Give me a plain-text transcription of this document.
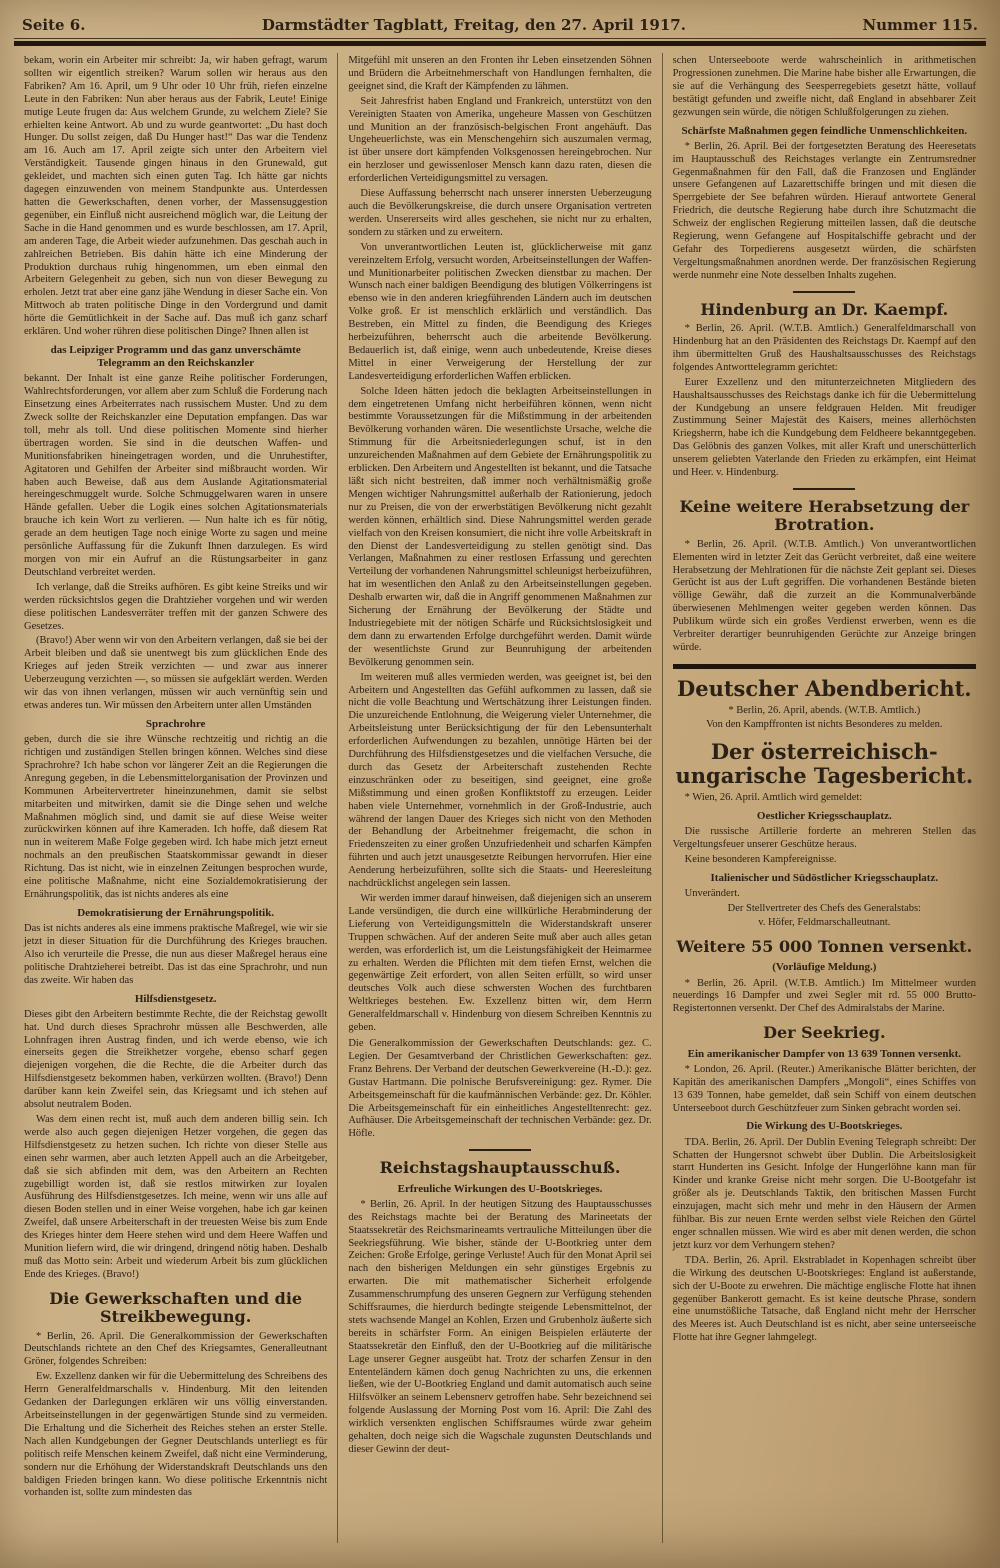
Seite 6.	Darmstädter Tagblatt, Freitag, den 27. April 1917.	Nummer 115.
bekam, worin ein Arbeiter mir schreibt: Ja, wir haben gefragt, warum sollten wir eigentlich streiken? Warum sollen wir heraus aus den Fabriken? Am 16. April, um 9 Uhr oder 10 Uhr früh, riefen einzelne Leute in den Fabriken: Nun aber heraus aus der Fabrik, Leute! Einige mutige Leute frugen da: Aus welchem Grunde, zu welchem Ziele? Sie erhielten keine Antwort. Ab und zu wurde geantwortet: „Du hast doch Hunger. Du sollst zeigen, daß Du Hunger hast!“ Das war die Tendenz am 16. Auch am 17. April zeigte sich unter den Arbeitern viel Verständigkeit. Tausende gingen hinaus in den Grunewald, gut gekleidet, und machten sich einen guten Tag. Ich hätte gar nichts dagegen einzuwenden von meinem Standpunkte aus. Unterdessen hatten die Gewerkschaften, denen vorher, der Massensuggestion gegenüber, ein Einfluß nicht ausreichend möglich war, die Leitung der Sache in die Hand genommen und es wurde beschlossen, am 17. April, am anderen Tage, die Arbeit wieder aufzunehmen. Das geschah auch in zahlreichen Betrieben. Bis dahin hätte ich eine Minderung der Produktion durchaus ruhig hingenommen, um eben einmal den Arbeitern Gelegenheit zu geben, sich nun von dieser Bewegung zu erholen. Jetzt trat aber eine ganz jähe Wendung in dieser Sache ein. Von Mittwoch ab traten politische Dinge in den Vordergrund und damit hörte die Gemütlichkeit in der Sache auf. Das muß ich ganz scharf erklären. Und woher rühren diese politischen Dinge? Ihnen allen ist
das Leipziger Programm und das ganz unverschämte Telegramm an den Reichskanzler
bekannt. Der Inhalt ist eine ganze Reihe politischer Forderungen, Wahlrechtsforderungen, vor allem aber zum Schluß die Forderung nach Einsetzung eines Arbeiterrates nach russischem Muster. Und zu dem Zweck sollte der Reichskanzler eine Deputation empfangen. Das war toll, mehr als toll. Und diese politischen Momente sind hierher übertragen worden. Sie sind in die deutschen Waffen- und Munitionsfabriken hineingetragen worden, und die Unruhestifter, Agitatoren und Gehilfen der Arbeiter sind mißbraucht worden. Wir haben auch Beweise, daß aus dem Auslande Agitationsmaterial hereingeschmuggelt wurde. Solche Schmuggelwaren waren in unsere Hände gefallen. Ueber die Logik eines solchen Agitationsmaterials brauche ich kein Wort zu verlieren. — Nun halte ich es für nötig, gerade an dem heutigen Tage noch einige Worte zu sagen und meine persönliche Auffassung für die Zukunft Ihnen darzulegen. Es wird morgen von mir ein Aufruf an die Rüstungsarbeiter in ganz Deutschland verbreitet werden.
Ich verlange, daß die Streiks aufhören. Es gibt keine Streiks und wir werden rücksichtslos gegen die Drahtzieher vorgehen und wir werden diese politischen Landesverräter treffen mit der ganzen Schwere des Gesetzes.
(Bravo!) Aber wenn wir von den Arbeitern verlangen, daß sie bei der Arbeit bleiben und daß sie unentwegt bis zum glücklichen Ende des Krieges auf jeden Streik verzichten — und zwar aus innerer Ueberzeugung verzichten —, so müssen sie aufgeklärt werden. Werden wir das von ihnen verlangen, müssen wir auch vernünftig sein und etwas anderes tun. Wir müssen den Arbeitern unter allen Umständen
Sprachrohre
geben, durch die sie ihre Wünsche rechtzeitig und richtig an die richtigen und zuständigen Stellen bringen können. Welches sind diese Sprachrohre? Ich habe schon vor längerer Zeit an die Regierungen die Anregung gegeben, in die Lebensmittelorganisation der Provinzen und Kommunen Arbeitervertreter hineinzunehmen, damit sie selbst mitarbeiten und mitwirken, damit sie die Dinge sehen und welche Maßnahmen möglich sind, und damit sie auf diese Weise weiter zurückwirken können auf ihre Kameraden. Ich hoffe, daß diesem Rat nun in weiterem Maße Folge gegeben wird. Ich habe mich jetzt erneut nochmals an den preußischen Staatskommissar gewandt in dieser Richtung. Das ist nicht, wie in einzelnen Zeitungen besprochen wurde, eine politische Maßnahme, nicht eine Sozialdemokratisierung der Ernährungspolitik, das ist nichts anderes als eine
Demokratisierung der Ernährungspolitik.
Das ist nichts anderes als eine immens praktische Maßregel, wie wir sie jetzt in dieser Situation für die Durchführung des Krieges brauchen. Also ich verurteile die Presse, die nun aus dieser Maßregel heraus eine politische Drahtzieherei betreibt. Das ist das eine Sprachrohr, und nun das zweite. Wir haben das
Hilfsdienstgesetz.
Dieses gibt den Arbeitern bestimmte Rechte, die der Reichstag gewollt hat. Und durch dieses Sprachrohr müssen alle Beschwerden, alle Lohnfragen ihren Austrag finden, und ich werde ebenso, wie ich einerseits gegen die Streikhetzer vorgehe, ebenso scharf gegen diejenigen vorgehen, die die Rechte, die die Arbeiter durch das Hilfsdienstgesetz bekommen haben, verkürzen wollten. (Bravo!) Denn darüber kann kein Zweifel sein, das Kriegsamt und ich stehen auf absolut neutralem Boden.
Was dem einen recht ist, muß auch dem anderen billig sein. Ich werde also auch gegen diejenigen Hetzer vorgehen, die gegen das Hilfsdienstgesetz zu hetzen suchen. Ich richte von dieser Stelle aus einen sehr warmen, aber auch letzten Appell auch an die Arbeitgeber, daß sie sich abfinden mit dem, was den Arbeitern an Rechten zugebilligt worden ist, daß sie restlos mitwirken zur loyalen Ausführung des Hilfsdienstgesetzes. Ich meine, wenn wir uns alle auf diesen Boden stellen und in einer Weise vorgehen, habe ich gar keinen Zweifel, daß unsere Arbeiterschaft in der treuesten Weise bis zum Ende des Krieges hinter dem Heere stehen wird und dem Heere Waffen und Munition liefern wird, die wir dringend, dringend nötig haben. Deshalb muß das Motto sein: Arbeit und wiederum Arbeit bis zum glücklichen Ende des Krieges. (Bravo!)
Die Gewerkschaften und die Streikbewegung.
* Berlin, 26. April. Die Generalkommission der Gewerkschaften Deutschlands richtete an den Chef des Kriegsamtes, Generalleutnant Gröner, folgendes Schreiben:
Ew. Exzellenz danken wir für die Uebermittelung des Schreibens des Herrn Generalfeldmarschalls v. Hindenburg. Mit den leitenden Gedanken der Darlegungen erklären wir uns völlig einverstanden. Arbeitseinstellungen in der gegenwärtigen Stunde sind zu vermeiden. Die Erhaltung und die Sicherheit des Reiches stehen an erster Stelle. Nach allen Kundgebungen der Gegner Deutschlands unterliegt es für politisch reife Menschen keinem Zweifel, daß nicht eine Verminderung, sondern nur die Erhöhung der Widerstandskraft Deutschlands uns den baldigen Frieden bringen kann. Wo diese politische Erkenntnis nicht vorhanden ist, sollte zum mindesten das
Mitgefühl mit unseren an den Fronten ihr Leben einsetzenden Söhnen und Brüdern die Arbeitnehmerschaft von Handlungen fernhalten, die geeignet sind, die Kraft der Kämpfenden zu lähmen.
Seit Jahresfrist haben England und Frankreich, unterstützt von den Vereinigten Staaten von Amerika, ungeheure Massen von Geschützen und Munition an der französisch-belgischen Front angehäuft. Das Ungeheuerlichste, was ein Menschengehirn sich auszumalen vermag, ist über unsere dort kämpfenden Volksgenossen hereingebrochen. Nur ein herzloser und gewissenloser Mensch kann dazu raten, diesen die erforderlichen Verteidigungsmittel zu versagen.
Diese Auffassung beherrscht nach unserer innersten Ueberzeugung auch die Bevölkerungskreise, die durch unsere Organisation vertreten werden. Unsererseits wird alles geschehen, sie nicht nur zu erhalten, sondern zu stärken und zu erweitern.
Von unverantwortlichen Leuten ist, glücklicherweise mit ganz vereinzeltem Erfolg, versucht worden, Arbeitseinstellungen der Waffen- und Munitionarbeiter politischen Zwecken dienstbar zu machen. Der Wunsch nach einer baldigen Beendigung des blutigen Völkerringens ist ebenso wie in den anderen kriegführenden Ländern auch im deutschen Volke groß. Er ist menschlich erklärlich und verständlich. Das Bestreben, ein Mittel zu finden, die Beendigung des Krieges herbeizuführen, beherrscht auch die arbeitende Bevölkerung. Bedauerlich ist, daß einige, wenn auch unbedeutende, Kreise dieses Mittel in einer Verweigerung der Herstellung der zur Landesverteidigung erforderlichen Waffen erblicken.
Solche Ideen hätten jedoch die beklagten Arbeitseinstellungen in dem eingetretenen Umfang nicht herbeiführen können, wenn nicht bestimmte Voraussetzungen für die Mißstimmung in der arbeitenden Bevölkerung vorhanden wären. Die wesentlichste Ursache, welche die Stimmung für die Arbeitsniederlegungen schuf, ist in den unzureichenden Maßnahmen auf dem Gebiete der Ernährungspolitik zu erblicken. Den Arbeitern und Angestellten ist bekannt, und die Tatsache läßt sich nicht bestreiten, daß immer noch verhältnismäßig große Mengen wichtiger Nahrungsmittel außerhalb der Rationierung, jedoch nur zu Preisen, die von der erwerbstätigen Bevölkerung nicht gezahlt werden können, erhältlich sind. Diese Nahrungsmittel werden gerade vielfach von den Kreisen konsumiert, die nicht ihre volle Arbeitskraft in den Dienst der Landesverteidigung zu stellen genötigt sind. Das Verlangen, Maßnahmen zu einer restlosen Erfassung und gerechten Verteilung der vorhandenen Nahrungsmittel schleunigst herbeizuführen, hat im wesentlichen den Anlaß zu den Arbeitseinstellungen gegeben. Deshalb erwarten wir, daß die in Angriff genommenen Maßnahmen zur Sicherung der Ernährung der Bevölkerung der Städte und Industriegebiete mit der nötigen Schärfe und Rücksichtslosigkeit und dem dann zu erwartenden Erfolge durchgeführt werden. Damit würde der wesentlichste Grund zur Beunruhigung der arbeitenden Bevölkerung genommen sein.
Im weiteren muß alles vermieden werden, was geeignet ist, bei den Arbeitern und Angestellten das Gefühl aufkommen zu lassen, daß sie nicht die volle Beachtung und Wertschätzung ihrer Leistungen finden. Die unzureichende Entlohnung, die Weigerung vieler Unternehmer, die Arbeitsleistung unter Berücksichtigung der für den Lebensunterhalt erforderlichen Aufwendungen zu bezahlen, unnötige Härten bei der Durchführung des Hilfsdienstgesetzes und die vielfachen Versuche, die durch das Gesetz der Arbeiterschaft zustehenden Rechte einzuschränken oder zu beseitigen, sind geeignet, eine große Mißstimmung und einen großen Konfliktstoff zu erzeugen. Leider haben viele Unternehmer, vornehmlich in der Groß-Industrie, auch während der langen Dauer des Krieges sich nicht von den Methoden der Behandlung der Arbeitnehmer freigemacht, die schon in Friedenszeiten zu einer großen Unzufriedenheit und scharfen Kämpfen führten und auch jetzt unausgesetzte Reibungen hervorrufen. Hier eine Aenderung herbeizuführen, sollte sich die Staats- und Heeresleitung nachdrücklichst angelegen sein lassen.
Wir werden immer darauf hinweisen, daß diejenigen sich an unserem Lande versündigen, die durch eine willkürliche Herabminderung der Lieferung von Verteidigungsmitteln die Widerstandskraft unserer Truppen schwächen. Auf der anderen Seite muß aber auch alles getan werden, was erforderlich ist, um die Leistungsfähigkeit der Heimarmee zu erhalten. Werden die Pflichten mit dem tiefen Ernst, welchen die gegenwärtige Zeit erfordert, von allen Seiten erfüllt, so wird unser deutsches Volk auch diese schwersten Wochen des furchtbaren Weltkrieges bestehen. Ew. Exzellenz bitten wir, dem Herrn Generalfeldmarschall v. Hindenburg von diesem Schreiben Kenntnis zu geben.
Die Generalkommission der Gewerkschaften Deutschlands: gez. C. Legien. Der Gesamtverband der Christlichen Gewerkschaften: gez. Franz Behrens. Der Verband der deutschen Gewerkvereine (H.-D.): gez. Gustav Hartmann. Die polnische Berufsvereinigung: gez. Rymer. Die Arbeitsgemeinschaft für die kaufmännischen Verbände: gez. Dr. Köhler. Die Arbeitsgemeinschaft für ein einheitliches Angestelltenrecht: gez. Aufhäuser. Die Arbeitsgemeinschaft der technischen Verbände: gez. Dr. Höfle.
Reichstagshauptausschuß.
Erfreuliche Wirkungen des U-Bootskrieges.
* Berlin, 26. April. In der heutigen Sitzung des Hauptausschusses des Reichstags machte bei der Beratung des Marineetats der Staatssekretär des Reichsmarineamts vertrauliche Mitteilungen über die Seekriegsführung. Wie bisher, stände der U-Bootkrieg unter dem Zeichen: Große Erfolge, geringe Verluste! Auch für den Monat April sei nach den bisherigen Meldungen ein sehr günstiges Ergebnis zu erwarten. Die mit mathematischer Sicherheit erfolgende Zusammenschrumpfung des unseren Gegnern zur Verfügung stehenden Schiffsraumes, die hierdurch bedingte steigende Lebensmittelnot, der stets wachsende Mangel an Kohlen, Erzen und Grubenholz äußerte sich bereits in schärfster Form. An einigen Beispielen erläuterte der Staatssekretär den Einfluß, den der U-Bootkrieg auf die militärische Lage unserer Gegner ausgeübt hat. Trotz der scharfen Zensur in den Ententeländern kämen doch genug Nachrichten zu uns, die erkennen ließen, wie der U-Bootkrieg England und damit automatisch auch seine Hilfsvölker an seinem Lebensnerv getroffen habe. Sehr bezeichnend sei folgende Auslassung der Morning Post vom 16. April: Die Zahl des wirklich versenkten englischen Schiffsraumes würde zwar geheim gehalten, doch neige sich die Wagschale zugunsten Deutschlands und dieser Gewinn der deut-
schen Unterseeboote werde wahrscheinlich in arithmetischen Progressionen zunehmen. Die Marine habe bisher alle Erwartungen, die sie auf die Verhängung des Seesperregebiets gesetzt hätte, vollauf bestätigt gefunden und zweifle nicht, daß England in absehbarer Zeit gezwungen sein würde, die nötigen Schlußfolgerungen zu ziehen.
Schärfste Maßnahmen gegen feindliche Unmenschlichkeiten.
* Berlin, 26. April. Bei der fortgesetzten Beratung des Heeresetats im Hauptausschuß des Reichstages verlangte ein Zentrumsredner Gegenmaßnahmen für den Fall, daß die Franzosen und Engländer unsere Gefangenen auf Lazarettschiffe bringen und mit diesen die Sperrgebiete der See befahren würden. Hierauf antwortete General Friedrich, die deutsche Regierung habe durch ihre Schutzmacht die Schweiz der englischen Regierung mitteilen lassen, daß die deutsche Regierung, wenn Gefangene auf Hospitalschiffe gebracht und der Gefahr des Torpedierens ausgesetzt würden, die schärfsten Vergeltungsmaßnahmen anordnen werde. Der französischen Regierung werde nunmehr eine Note desselben Inhalts zugehen.
Hindenburg an Dr. Kaempf.
* Berlin, 26. April. (W.T.B. Amtlich.) Generalfeldmarschall von Hindenburg hat an den Präsidenten des Reichstags Dr. Kaempf auf den ihm übermittelten Gruß des Haushaltsausschusses des Reichstags folgendes Antworttelegramm gerichtet:
Eurer Exzellenz und den mitunterzeichneten Mitgliedern des Haushaltsausschusses des Reichstags danke ich für die Uebermittelung der Kundgebung an unsere feldgrauen Helden. Mit freudiger Zustimmung Seiner Majestät des Kaisers, meines allerhöchsten Kriegsherrn, habe ich die Kundgebung dem Feldheere bekanntgegeben. Das Gelöbnis des ganzen Volkes, mit aller Kraft und unerschütterlich unserem geliebten Vaterlande den Frieden zu erkämpfen, eint Heimat und Heer. v. Hindenburg.
Keine weitere Herabsetzung der Brotration.
* Berlin, 26. April. (W.T.B. Amtlich.) Von unverantwortlichen Elementen wird in letzter Zeit das Gerücht verbreitet, daß eine weitere Herabsetzung der Mehlrationen für die nächste Zeit geplant sei. Dieses Gerücht ist aus der Luft gegriffen. Die vorhandenen Bestände bieten völlige Gewähr, daß die zurzeit an die Kommunalverbände überwiesenen Mehlmengen weiter gegeben werden können. Das Publikum würde sich ein großes Verdienst erwerben, wenn es die Verbreiter derartiger beunruhigenden Gerüchte zur Anzeige bringen würde.
Deutscher Abendbericht.
* Berlin, 26. April, abends. (W.T.B. Amtlich.)
Von den Kampffronten ist nichts Besonderes zu melden.
Der österreichisch-ungarische Tagesbericht.
* Wien, 26. April. Amtlich wird gemeldet:
Oestlicher Kriegsschauplatz.
Die russische Artillerie forderte an mehreren Stellen das Vergeltungsfeuer unserer Geschütze heraus.
Keine besonderen Kampfereignisse.
Italienischer und Südöstlicher Kriegsschauplatz.
Unverändert.
Der Stellvertreter des Chefs des Generalstabs:
v. Höfer, Feldmarschalleutnant.
Weitere 55 000 Tonnen versenkt.
(Vorläufige Meldung.)
* Berlin, 26. April. (W.T.B. Amtlich.) Im Mittelmeer wurden neuerdings 16 Dampfer und zwei Segler mit rd. 55 000 Brutto-Registertonnen versenkt. Der Chef des Admiralstabs der Marine.
Der Seekrieg.
Ein amerikanischer Dampfer von 13 639 Tonnen versenkt.
* London, 26. April. (Reuter.) Amerikanische Blätter berichten, der Kapitän des amerikanischen Dampfers „Mongoli“, eines Schiffes von 13 639 Tonnen, habe gemeldet, daß sein Schiff von einem deutschen Unterseeboot durch Geschützfeuer zum Sinken gebracht worden sei.
Die Wirkung des U-Bootskrieges.
TDA. Berlin, 26. April. Der Dublin Evening Telegraph schreibt: Der Schatten der Hungersnot schwebt über Dublin. Die Arbeitslosigkeit starrt Hunderten ins Gesicht. Infolge der Hungerlöhne kann man für Kinder und kranke Greise nicht mehr sorgen. Die U-Bootgefahr ist größer als je. Deutschlands Taktik, den britischen Massen Furcht einzujagen, macht sich mehr und mehr in den Häusern der Armen fühlbar. Bis zur neuen Ernte werden selbst viele Reichen den Gürtel enger schnallen müssen. Wie wird es aber mit denen werden, die schon jetzt kurz vor dem Verhungern stehen?
TDA. Berlin, 26. April. Ekstrabladet in Kopenhagen schreibt über die Wirkung des deutschen U-Bootskrieges: England ist außerstande, sich der U-Boote zu erwehren. Die mächtige englische Flotte hat ihnen gegenüber Bankerott gemacht. Es ist keine deutsche Phrase, sondern eine unumstößliche Tatsache, daß England nicht mehr der Herrscher des Meeres ist. Auch Deutschland ist es nicht, aber seine unterseeische Flotte hat ihre Gegner lahmgelegt.
